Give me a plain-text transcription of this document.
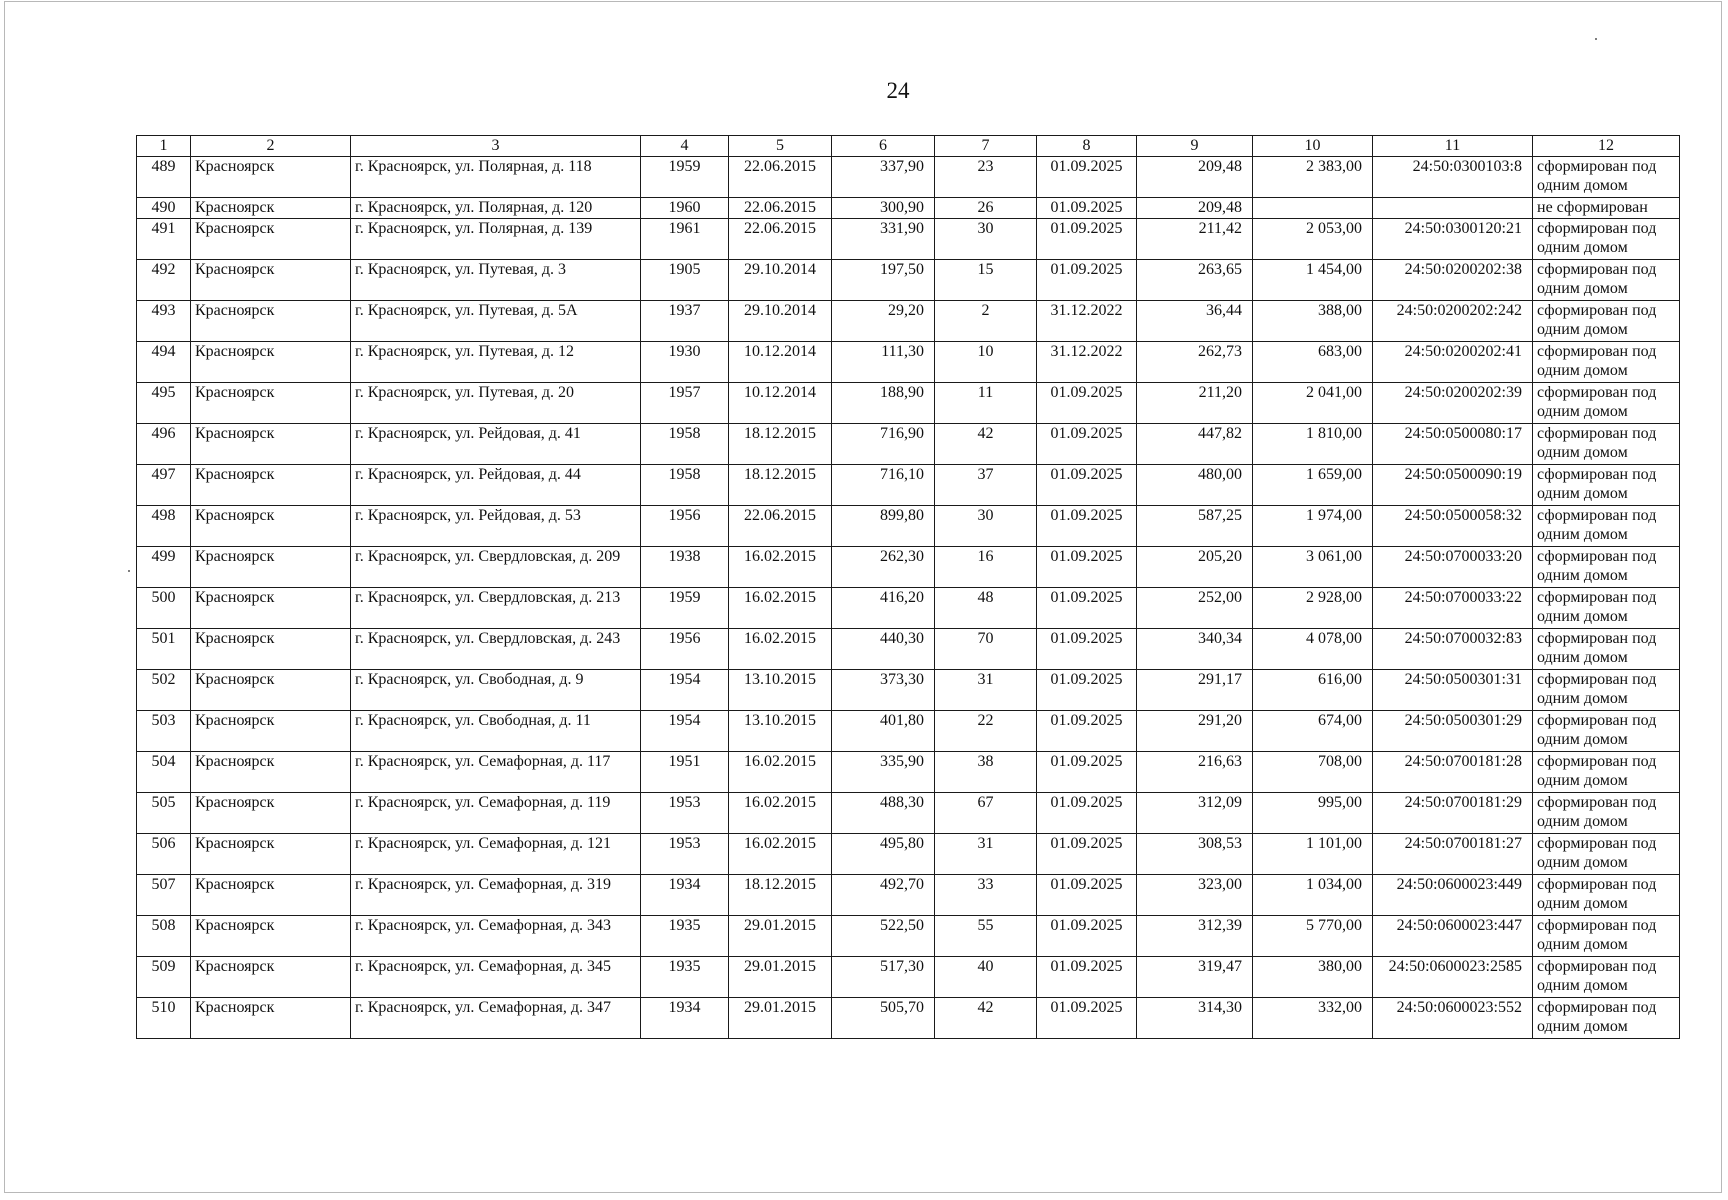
24
1	2	3	4	5	6	7	8	9	10	11	12
489	Красноярск	г. Красноярск, ул. Полярная, д. 118	1959	22.06.2015	337,90	23	01.09.2025	209,48	2 383,00	24:50:0300103:8	сформирован под одним домом
490	Красноярск	г. Красноярск, ул. Полярная, д. 120	1960	22.06.2015	300,90	26	01.09.2025	209,48			не сформирован
491	Красноярск	г. Красноярск, ул. Полярная, д. 139	1961	22.06.2015	331,90	30	01.09.2025	211,42	2 053,00	24:50:0300120:21	сформирован под одним домом
492	Красноярск	г. Красноярск, ул. Путевая, д. 3	1905	29.10.2014	197,50	15	01.09.2025	263,65	1 454,00	24:50:0200202:38	сформирован под одним домом
493	Красноярск	г. Красноярск, ул. Путевая, д. 5А	1937	29.10.2014	29,20	2	31.12.2022	36,44	388,00	24:50:0200202:242	сформирован под одним домом
494	Красноярск	г. Красноярск, ул. Путевая, д. 12	1930	10.12.2014	111,30	10	31.12.2022	262,73	683,00	24:50:0200202:41	сформирован под одним домом
495	Красноярск	г. Красноярск, ул. Путевая, д. 20	1957	10.12.2014	188,90	11	01.09.2025	211,20	2 041,00	24:50:0200202:39	сформирован под одним домом
496	Красноярск	г. Красноярск, ул. Рейдовая, д. 41	1958	18.12.2015	716,90	42	01.09.2025	447,82	1 810,00	24:50:0500080:17	сформирован под одним домом
497	Красноярск	г. Красноярск, ул. Рейдовая, д. 44	1958	18.12.2015	716,10	37	01.09.2025	480,00	1 659,00	24:50:0500090:19	сформирован под одним домом
498	Красноярск	г. Красноярск, ул. Рейдовая, д. 53	1956	22.06.2015	899,80	30	01.09.2025	587,25	1 974,00	24:50:0500058:32	сформирован под одним домом
499	Красноярск	г. Красноярск, ул. Свердловская, д. 209	1938	16.02.2015	262,30	16	01.09.2025	205,20	3 061,00	24:50:0700033:20	сформирован под одним домом
500	Красноярск	г. Красноярск, ул. Свердловская, д. 213	1959	16.02.2015	416,20	48	01.09.2025	252,00	2 928,00	24:50:0700033:22	сформирован под одним домом
501	Красноярск	г. Красноярск, ул. Свердловская, д. 243	1956	16.02.2015	440,30	70	01.09.2025	340,34	4 078,00	24:50:0700032:83	сформирован под одним домом
502	Красноярск	г. Красноярск, ул. Свободная, д. 9	1954	13.10.2015	373,30	31	01.09.2025	291,17	616,00	24:50:0500301:31	сформирован под одним домом
503	Красноярск	г. Красноярск, ул. Свободная, д. 11	1954	13.10.2015	401,80	22	01.09.2025	291,20	674,00	24:50:0500301:29	сформирован под одним домом
504	Красноярск	г. Красноярск, ул. Семафорная, д. 117	1951	16.02.2015	335,90	38	01.09.2025	216,63	708,00	24:50:0700181:28	сформирован под одним домом
505	Красноярск	г. Красноярск, ул. Семафорная, д. 119	1953	16.02.2015	488,30	67	01.09.2025	312,09	995,00	24:50:0700181:29	сформирован под одним домом
506	Красноярск	г. Красноярск, ул. Семафорная, д. 121	1953	16.02.2015	495,80	31	01.09.2025	308,53	1 101,00	24:50:0700181:27	сформирован под одним домом
507	Красноярск	г. Красноярск, ул. Семафорная, д. 319	1934	18.12.2015	492,70	33	01.09.2025	323,00	1 034,00	24:50:0600023:449	сформирован под одним домом
508	Красноярск	г. Красноярск, ул. Семафорная, д. 343	1935	29.01.2015	522,50	55	01.09.2025	312,39	5 770,00	24:50:0600023:447	сформирован под одним домом
509	Красноярск	г. Красноярск, ул. Семафорная, д. 345	1935	29.01.2015	517,30	40	01.09.2025	319,47	380,00	24:50:0600023:2585	сформирован под одним домом
510	Красноярск	г. Красноярск, ул. Семафорная, д. 347	1934	29.01.2015	505,70	42	01.09.2025	314,30	332,00	24:50:0600023:552	сформирован под одним домом
